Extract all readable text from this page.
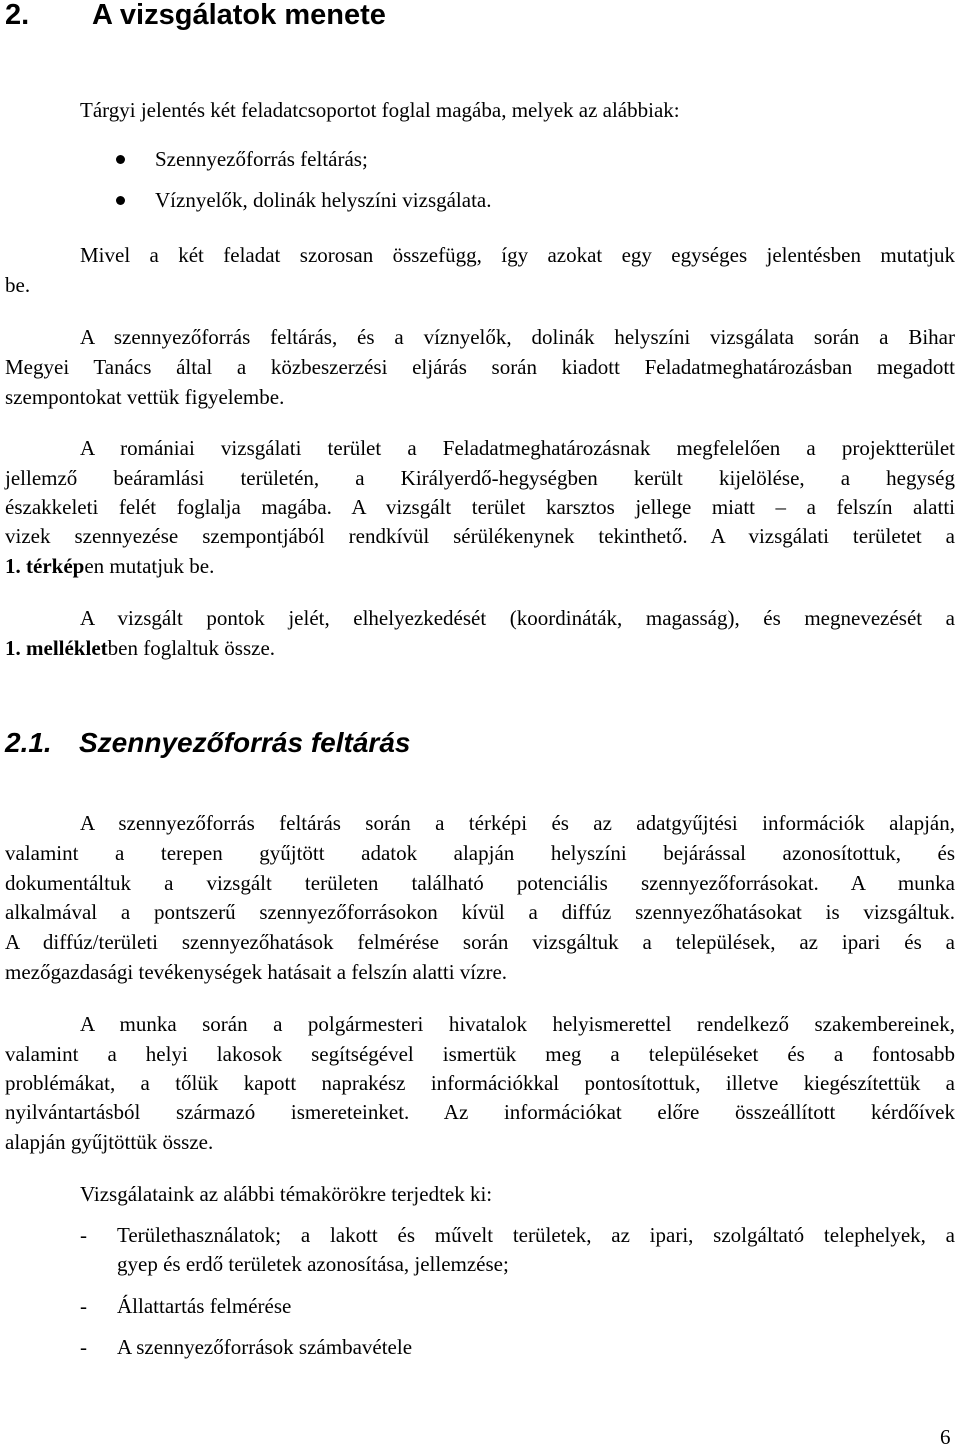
2. A vizsgálatok menete
Tárgyi jelentés két feladatcsoportot foglal magába, melyek az alábbiak:
Szennyezőforrás feltárás;
Víznyelők, dolinák helyszíni vizsgálata.
Mivel a két feladat szorosan összefügg, így azokat egy egységes jelentésben mutatjuk
be.
A szennyezőforrás feltárás, és a víznyelők, dolinák helyszíni vizsgálata során a Bihar
Megyei Tanács által a közbeszerzési eljárás során kiadott Feladatmeghatározásban megadott
szempontokat vettük figyelembe.
A romániai vizsgálati terület a Feladatmeghatározásnak megfelelően a projektterület
jellemző beáramlási területén, a Királyerdő-hegységben került kijelölése, a hegység
északkeleti felét foglalja magába. A vizsgált terület karsztos jellege miatt – a felszín alatti
vizek szennyezése szempontjából rendkívül sérülékenynek tekinthető. A vizsgálati területet a
1. térképen mutatjuk be.
A vizsgált pontok jelét, elhelyezkedését (koordináták, magasság), és megnevezését a
1. mellékletben foglaltuk össze.
2.1. Szennyezőforrás feltárás
A szennyezőforrás feltárás során a térképi és az adatgyűjtési információk alapján,
valamint a terepen gyűjtött adatok alapján helyszíni bejárással azonosítottuk, és
dokumentáltuk a vizsgált területen található potenciális szennyezőforrásokat. A munka
alkalmával a pontszerű szennyezőforrásokon kívül a diffúz szennyezőhatásokat is vizsgáltuk.
A diffúz/területi szennyezőhatások felmérése során vizsgáltuk a települések, az ipari és a
mezőgazdasági tevékenységek hatásait a felszín alatti vízre.
A munka során a polgármesteri hivatalok helyismerettel rendelkező szakembereinek,
valamint a helyi lakosok segítségével ismertük meg a településeket és a fontosabb
problémákat, a tőlük kapott naprakész információkkal pontosítottuk, illetve kiegészítettük a
nyilvántartásból származó ismereteinket. Az információkat előre összeállított kérdőívek
alapján gyűjtöttük össze.
Vizsgálataink az alábbi témakörökre terjedtek ki:
- Területhasználatok; a lakott és művelt területek, az ipari, szolgáltató telephelyek, a
gyep és erdő területek azonosítása, jellemzése;
- Állattartás felmérése
- A szennyezőforrások számbavétele
6
